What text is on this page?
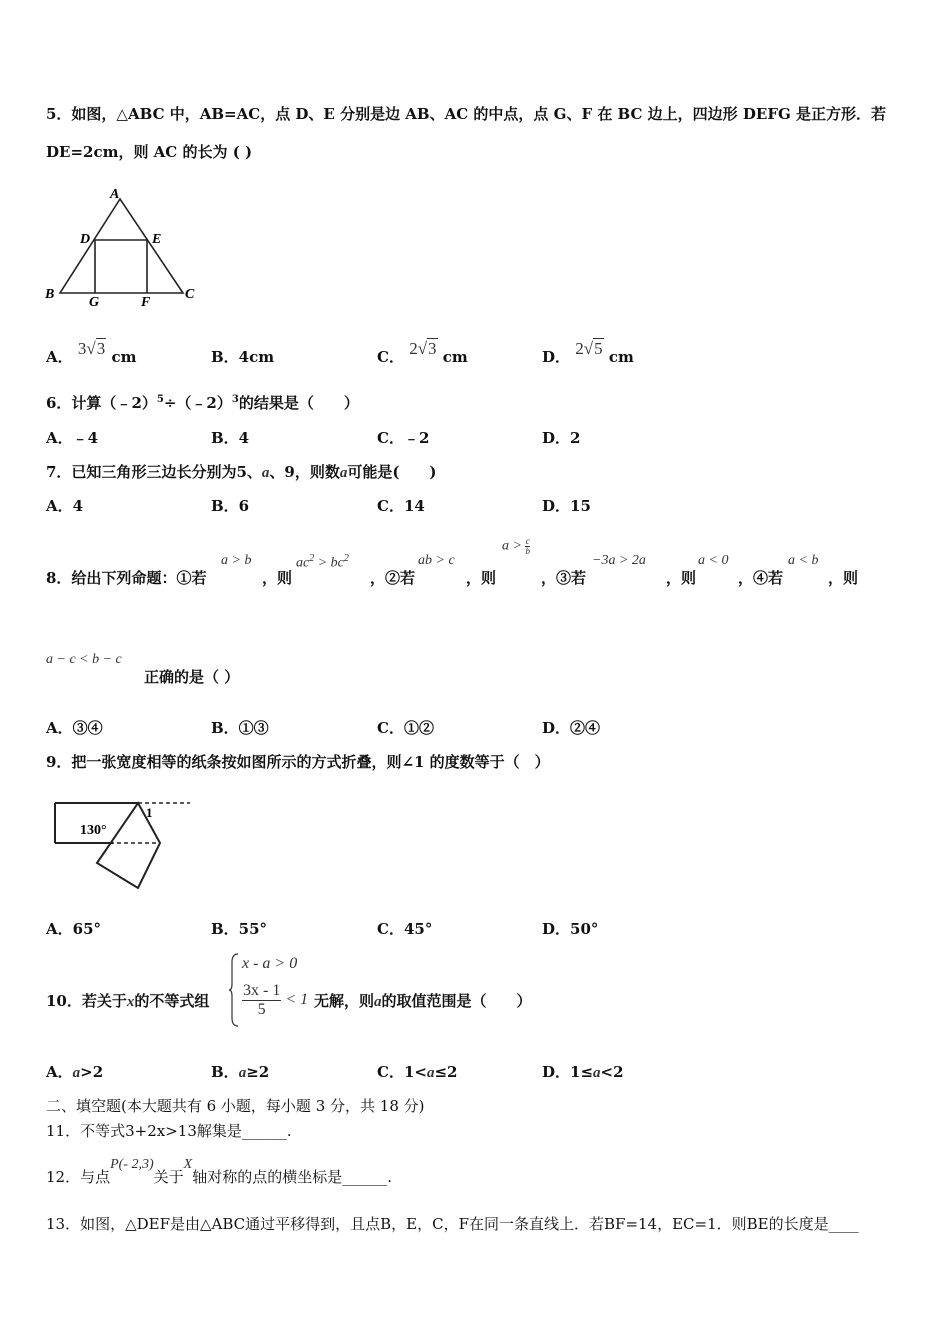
5．如图，△ABC 中，AB=AC，点 D、E 分别是边 AB、AC 的中点，点 G、F 在 BC 边上，四边形 DEFG 是正方形．若
DE=2cm，则 AC 的长为 ( )
A
D	E
B
G	F
C
A． 3√3 cm	B．4cm	C． 2√3 cm	D． 2√5 cm
6．计算（﹣2）$^5$÷（﹣2）$^3$的结果是（　　）
A．﹣4	B．4	C．﹣2	D．2
7．已知三角形三边长分别为5、a、9，则数a可能是(　　)
A．4	B．6	C．14	D．15
8．给出下列命题：①若
a > b
，则
$ac^2 > bc^2$
，②若
ab > c
，则
$a > \frac{c}{b}$
，③若
−3a > 2a
，则
a < 0
，④若
a < b
，则
a − c < b − c
正确的是（ ）
A．③④	B．①③	C．①②	D．②④
9．把一张宽度相等的纸条按如图所示的方式折叠，则∠1 的度数等于（　）
130°
1
A．65°	B．55°	C．45°	D．50°
10．若关于x的不等式组
x - a > 0
$\frac{3x - 1}{5} < 1$ 无解，则a的取值范围是（　　）
A．a>2	B．a≥2	C．1<a≤2	D．1≤a<2
二、填空题(本大题共有 6 小题，每小题 3 分，共 18 分)
11．不等式3+2x>13解集是______.
12．与点P(- 2,3)关于X轴对称的点的横坐标是______.
13．如图，△DEF是由△ABC通过平移得到，且点B，E，C，F在同一条直线上．若BF=14，EC=1．则BE的长度是____
